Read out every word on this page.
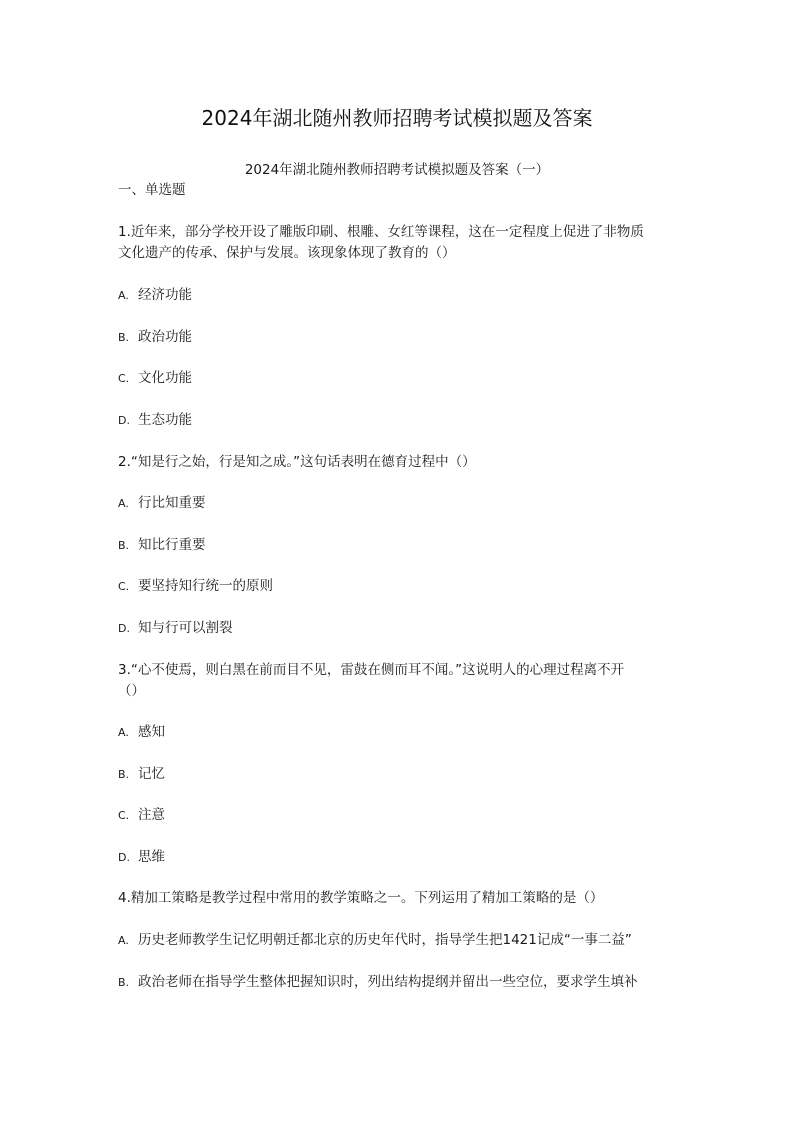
2024年湖北随州教师招聘考试模拟题及答案
2024年湖北随州教师招聘考试模拟题及答案（一）
一、单选题
1.近年来，部分学校开设了雕版印刷、根雕、女红等课程，这在一定程度上促进了非物质
文化遗产的传承、保护与发展。该现象体现了教育的（）
A. 经济功能
B. 政治功能
C. 文化功能
D. 生态功能
2.“知是行之始，行是知之成。”这句话表明在德育过程中（）
A. 行比知重要
B. 知比行重要
C. 要坚持知行统一的原则
D. 知与行可以割裂
3.“心不使焉，则白黑在前而目不见，雷鼓在侧而耳不闻。”这说明人的心理过程离不开
（）
A. 感知
B. 记忆
C. 注意
D. 思维
4.精加工策略是教学过程中常用的教学策略之一。下列运用了精加工策略的是（）
A. 历史老师教学生记忆明朝迁都北京的历史年代时，指导学生把1421记成“一事二益”
B. 政治老师在指导学生整体把握知识时，列出结构提纲并留出一些空位，要求学生填补
